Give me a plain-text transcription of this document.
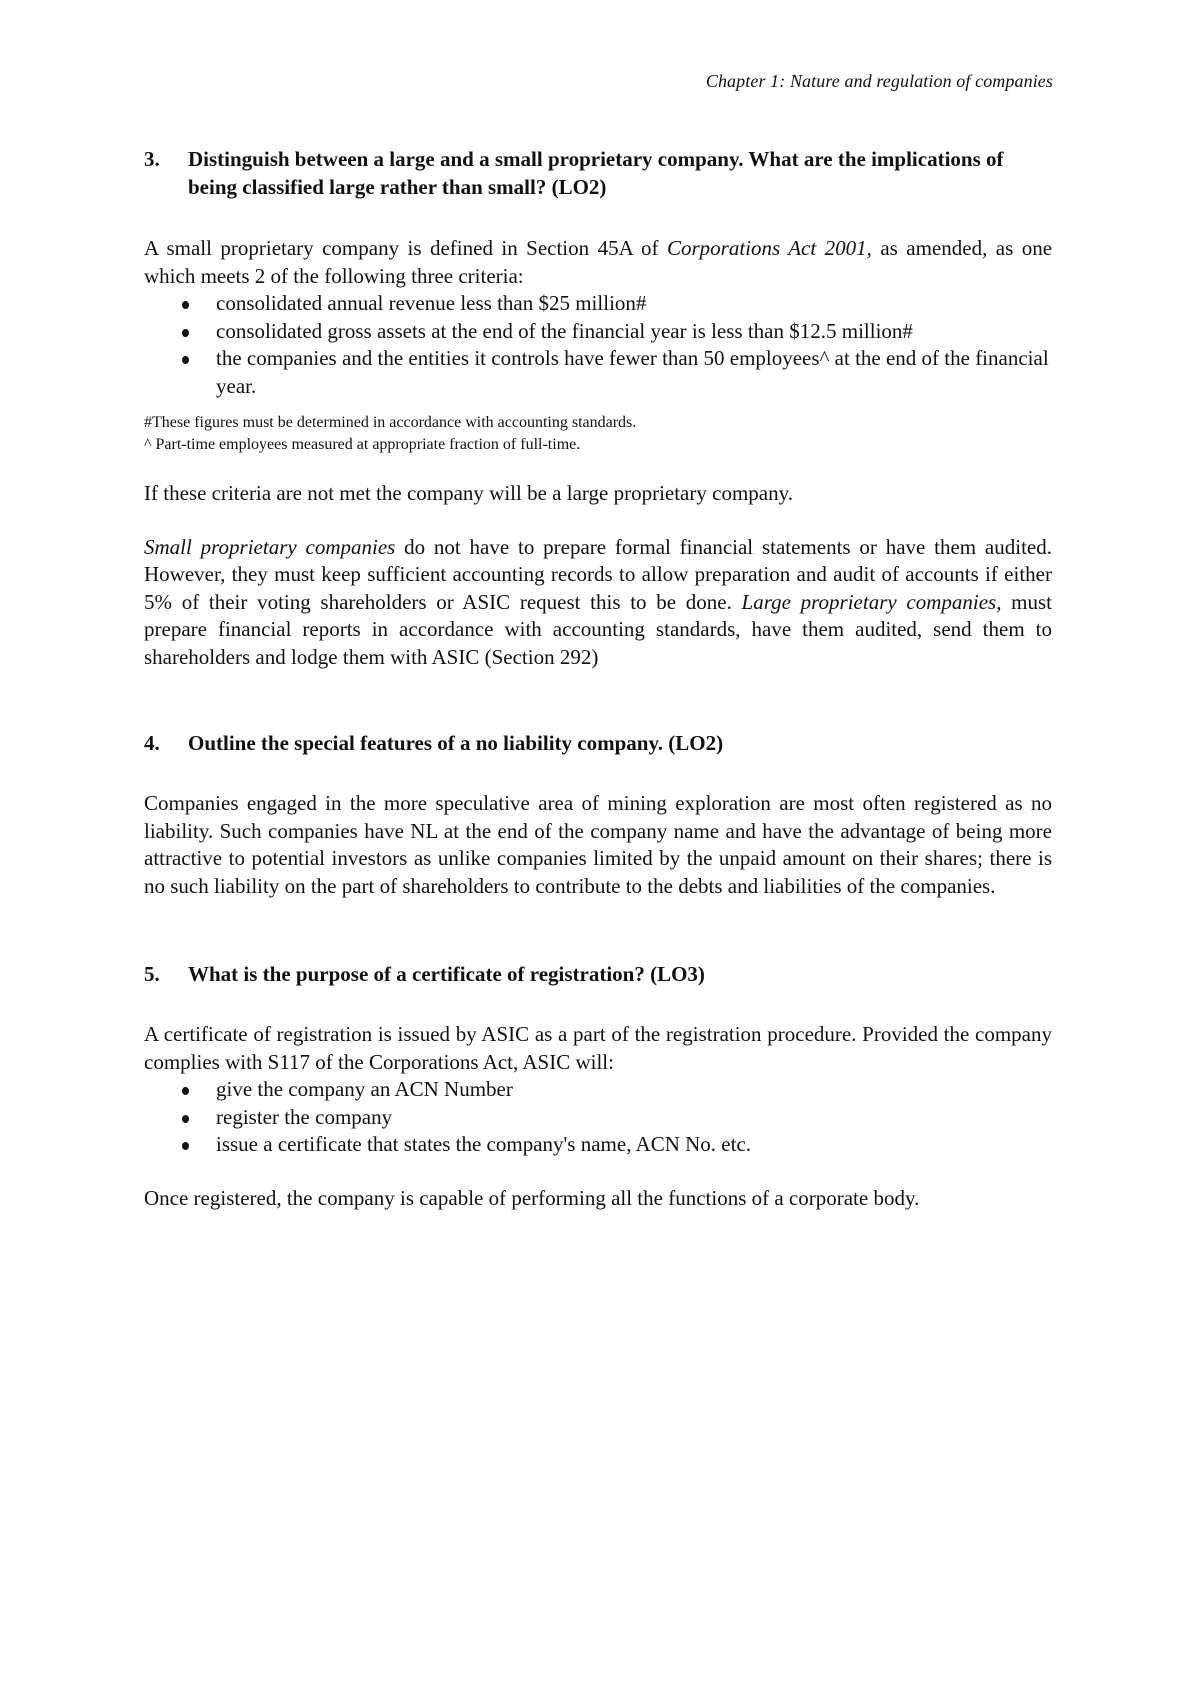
Chapter 1: Nature and regulation of companies
3.	Distinguish between a large and a small proprietary company. What are the implications of being classified large rather than small? (LO2)

A small proprietary company is defined in Section 45A of Corporations Act 2001, as amended, as one which meets 2 of the following three criteria:

consolidated annual revenue less than $25 million#
consolidated gross assets at the end of the financial year is less than $12.5 million#
the companies and the entities it controls have fewer than 50 employees^ at the end of the financial year.
#These figures must be determined in accordance with accounting standards.
^ Part-time employees measured at appropriate fraction of full-time.

If these criteria are not met the company will be a large proprietary company.

Small proprietary companies do not have to prepare formal financial statements or have them audited. However, they must keep sufficient accounting records to allow preparation and audit of accounts if either 5% of their voting shareholders or ASIC request this to be done. Large proprietary companies, must prepare financial reports in accordance with accounting standards, have them audited, send them to shareholders and lodge them with ASIC (Section 292)

4.	Outline the special features of a no liability company. (LO2)

Companies engaged in the more speculative area of mining exploration are most often registered as no liability. Such companies have NL at the end of the company name and have the advantage of being more attractive to potential investors as unlike companies limited by the unpaid amount on their shares; there is no such liability on the part of shareholders to contribute to the debts and liabilities of the companies.

5.	What is the purpose of a certificate of registration? (LO3)

A certificate of registration is issued by ASIC as a part of the registration procedure. Provided the company complies with S117 of the Corporations Act, ASIC will:

give the company an ACN Number
register the company
issue a certificate that states the company's name, ACN No. etc.

Once registered, the company is capable of performing all the functions of a corporate body.
